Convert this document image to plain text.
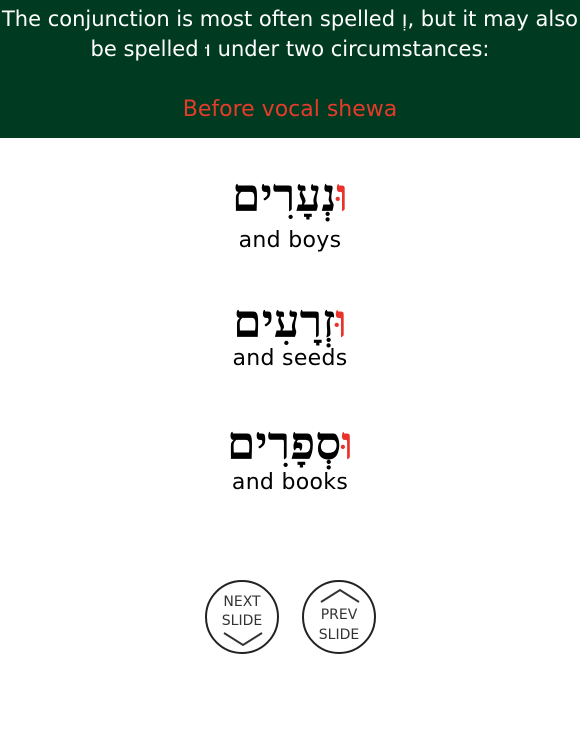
The conjunction is most often spelled וְ, but it may also
be spelled וּ under two circumstances:
Before vocal shewa
וּנְעָרִים
and boys
וּזְרָעִים
and seeds
וּסְפָרִים
and books
NEXT
SLIDE	PREV
SLIDE
